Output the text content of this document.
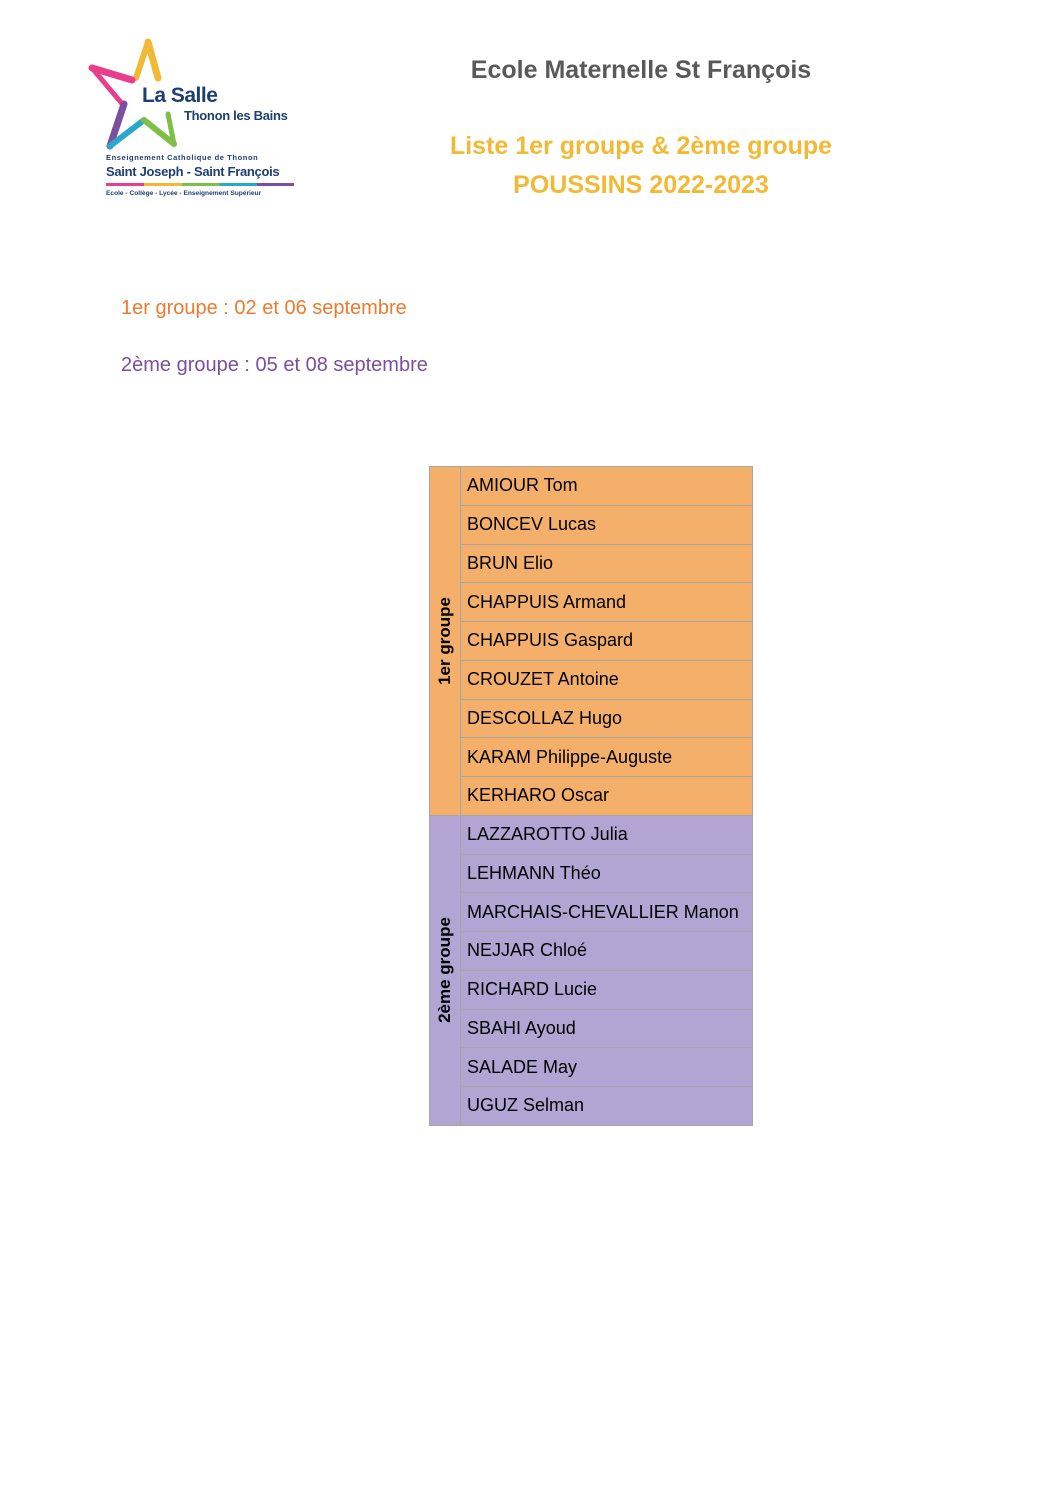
La Salle
Thonon les Bains
Enseignement Catholique de Thonon
Saint Joseph - Saint François
Ecole - Collège - Lycée - Enseignement Supérieur
Ecole Maternelle St François
Liste 1er groupe & 2ème groupe
POUSSINS 2022-2023
1er groupe : 02 et 06 septembre
2ème groupe : 05 et 08 septembre
1er groupe	AMIOUR Tom
	BONCEV Lucas
	BRUN Elio
	CHAPPUIS Armand
	CHAPPUIS Gaspard
	CROUZET Antoine
	DESCOLLAZ Hugo
	KARAM Philippe-Auguste
	KERHARO Oscar

2ème groupe	LAZZAROTTO Julia
	LEHMANN Théo
	MARCHAIS-CHEVALLIER Manon
	NEJJAR Chloé
	RICHARD Lucie
	SBAHI Ayoud
	SALADE May
	UGUZ Selman
